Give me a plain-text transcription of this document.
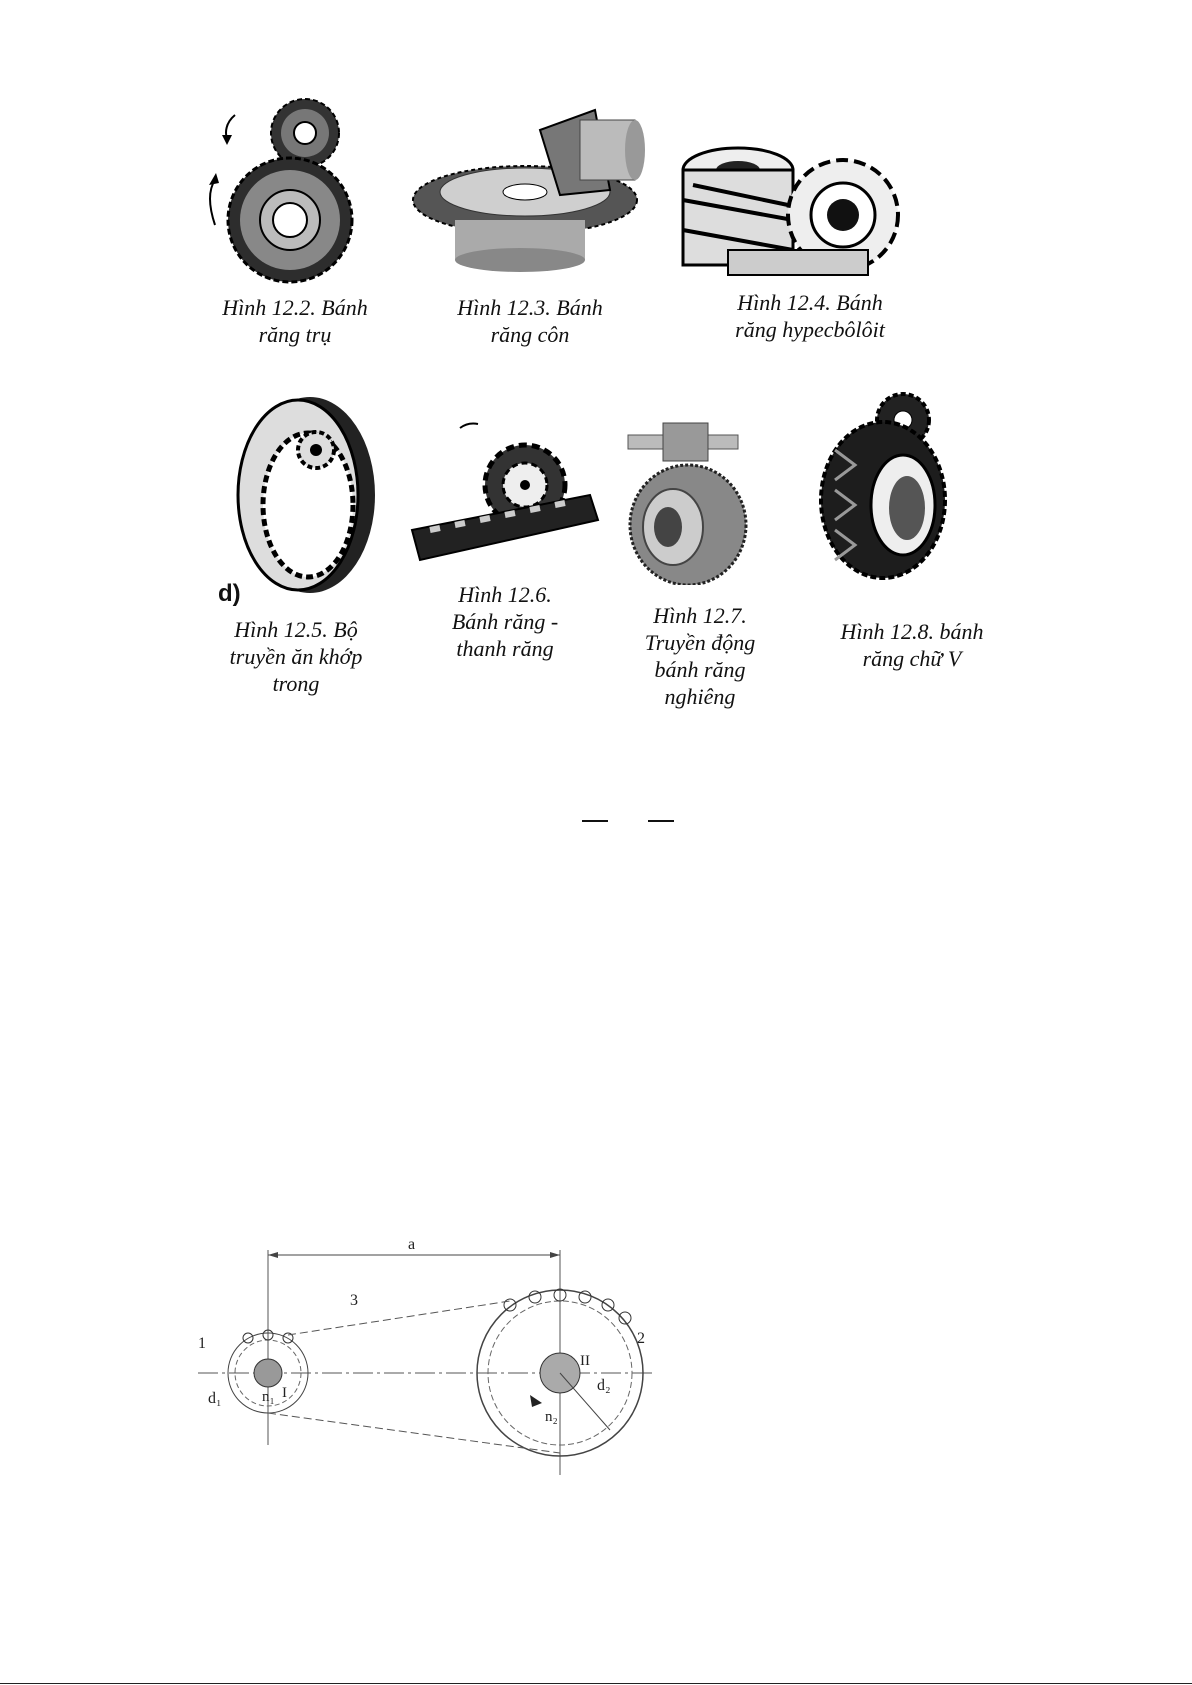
Hình 12.2. Bánh
răng trụ
Hình 12.3. Bánh
răng côn
Hình 12.4. Bánh
răng hypecbôlôit
d)
Hình 12.5. Bộ
truyền ăn khớp
trong
Hình 12.6.
Bánh răng -
thanh răng
Hình 12.7.
Truyền động
bánh răng
nghiêng
Hình 12.8. bánh
răng chữ V
a
3
1	2
I
II
d₁
d₂
n₁
n₂
